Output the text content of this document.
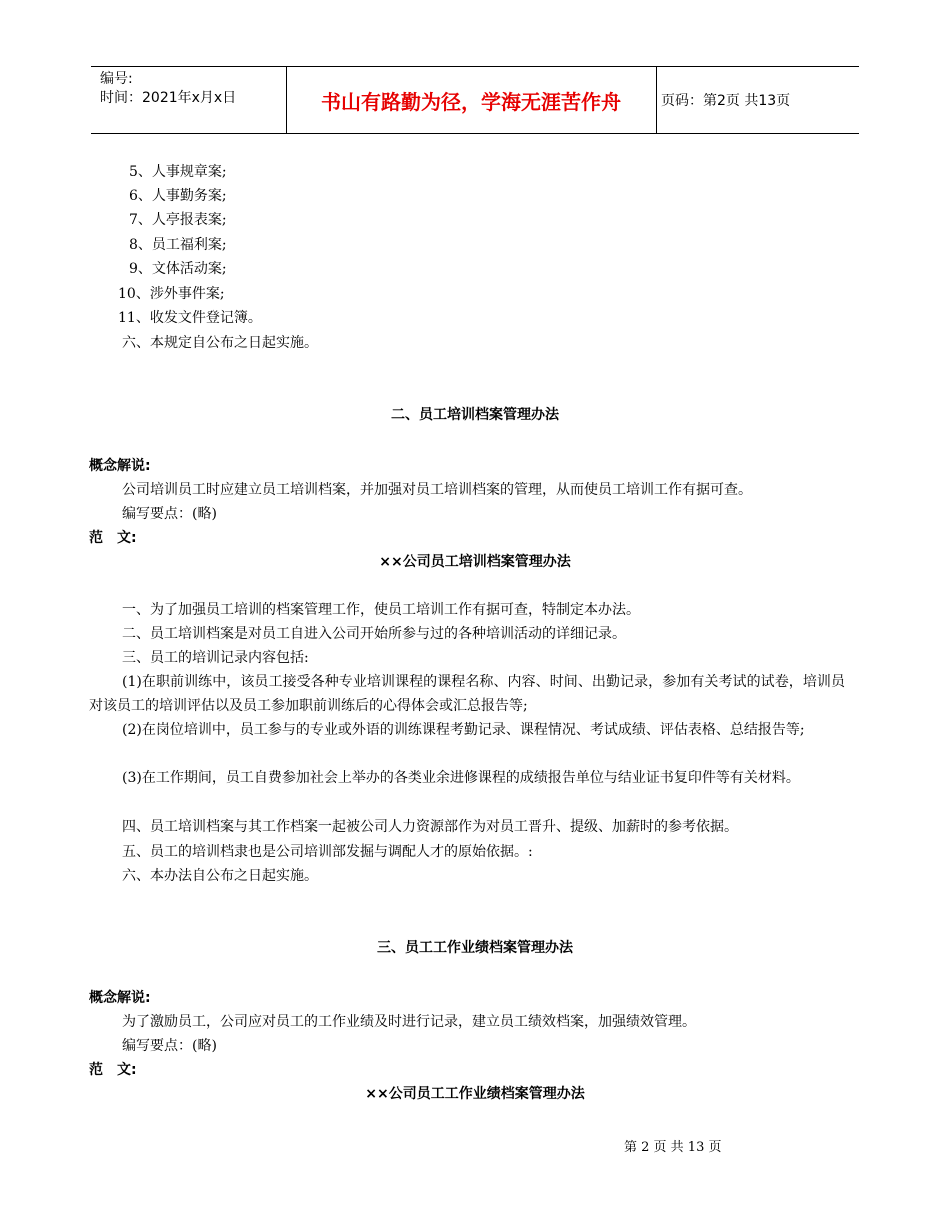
编号:
时间：2021年x月x日	书山有路勤为径，学海无涯苦作舟	页码：第2页 共13页
5、人事规章案;
6、人事勤务案;
7、人亭报表案;
8、员工福利案;
9、文体活动案;
10、涉外事件案;
11、收发文件登记簿。
六、本规定自公布之日起实施。
二、员工培训档案管理办法
概念解说:
公司培训员工时应建立员工培训档案，并加强对员工培训档案的管理，从而使员工培训工作有据可查。
编写要点：(略)
范　文:
××公司员工培训档案管理办法
一、为了加强员工培训的档案管理工作，使员工培训工作有据可查，特制定本办法。
二、员工培训档案是对员工自进入公司开始所参与过的各种培训活动的详细记录。
三、员工的培训记录内容包括:
(1)在职前训练中，该员工接受各种专业培训课程的课程名称、内容、时间、出勤记录，参加有关考试的试卷，培训员对该员工的培训评估以及员工参加职前训练后的心得体会或汇总报告等;
(2)在岗位培训中，员工参与的专业或外语的训练课程考勤记录、课程情况、考试成绩、评估表格、总结报告等;
(3)在工作期间，员工自费参加社会上举办的各类业余进修课程的成绩报告单位与结业证书复印件等有关材料。
四、员工培训档案与其工作档案一起被公司人力资源部作为对员工晋升、提级、加薪时的参考依据。
五、员工的培训档隶也是公司培训部发掘与调配人才的原始依据。:
六、本办法自公布之日起实施。
三、员工工作业绩档案管理办法
概念解说:
为了激励员工，公司应对员工的工作业绩及时进行记录，建立员工绩效档案，加强绩效管理。
编写要点：(略)
范　文:
××公司员工工作业绩档案管理办法
第 2 页 共 13 页
